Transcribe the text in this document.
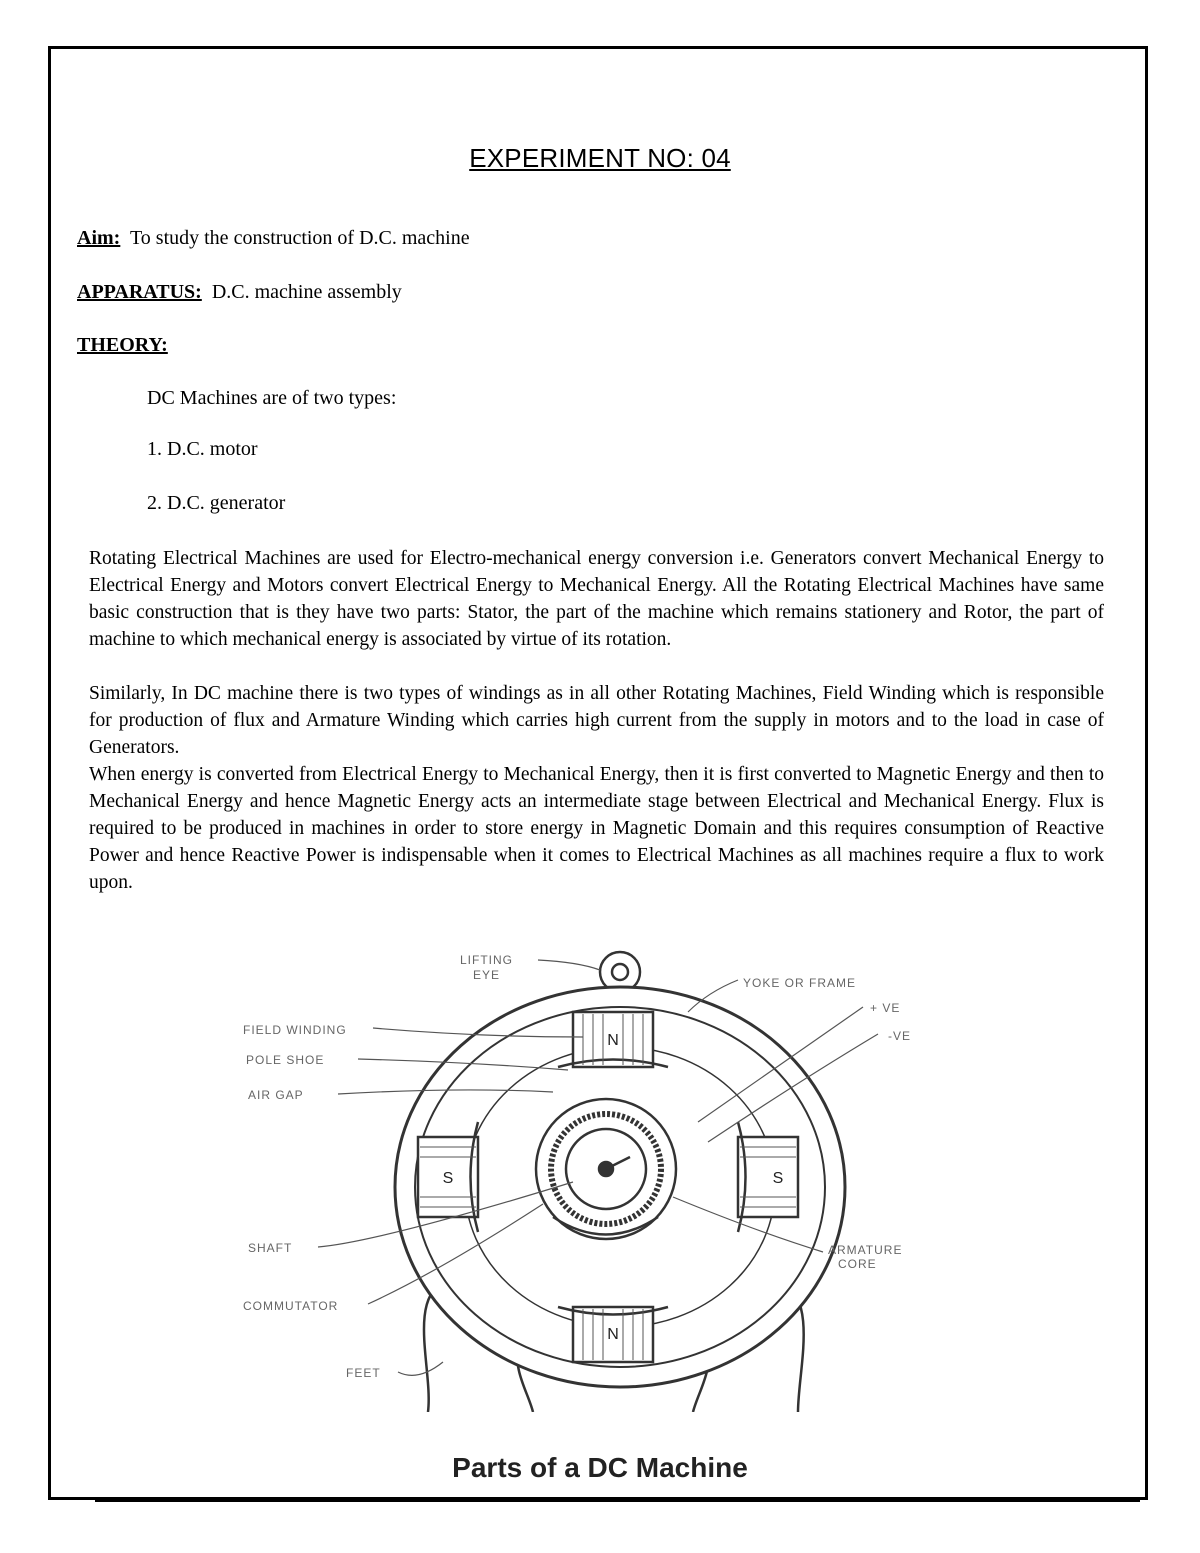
EXPERIMENT NO: 04
Aim: To study the construction of D.C. machine
APPARATUS: D.C. machine assembly
THEORY:
DC Machines are of two types:
1. D.C. motor
2. D.C. generator

Rotating Electrical Machines are used for Electro-mechanical energy conversion i.e. Generators convert Mechanical Energy to Electrical Energy and Motors convert Electrical Energy to Mechanical Energy. All the Rotating Electrical Machines have same basic construction that is they have two parts: Stator, the part of the machine which remains stationery and Rotor, the part of machine to which mechanical energy is associated by virtue of its rotation.

Similarly, In DC machine there is two types of windings as in all other Rotating Machines, Field Winding which is responsible for production of flux and Armature Winding which carries high current from the supply in motors and to the load in case of Generators.

When energy is converted from Electrical Energy to Mechanical Energy, then it is first converted to Magnetic Energy and then to Mechanical Energy and hence Magnetic Energy acts an intermediate stage between Electrical and Mechanical Energy. Flux is required to be produced in machines in order to store energy in Magnetic Domain and this requires consumption of Reactive Power and hence Reactive Power is indispensable when it comes to Electrical Machines as all machines require a flux to work upon.

N
N
S	S
LIFTING
EYE
YOKE OR FRAME
+ VE
-VE
FIELD WINDING
POLE SHOE
AIR GAP
SHAFT	ARMATURE
CORE
COMMUTATOR
FEET
Parts of a DC Machine
